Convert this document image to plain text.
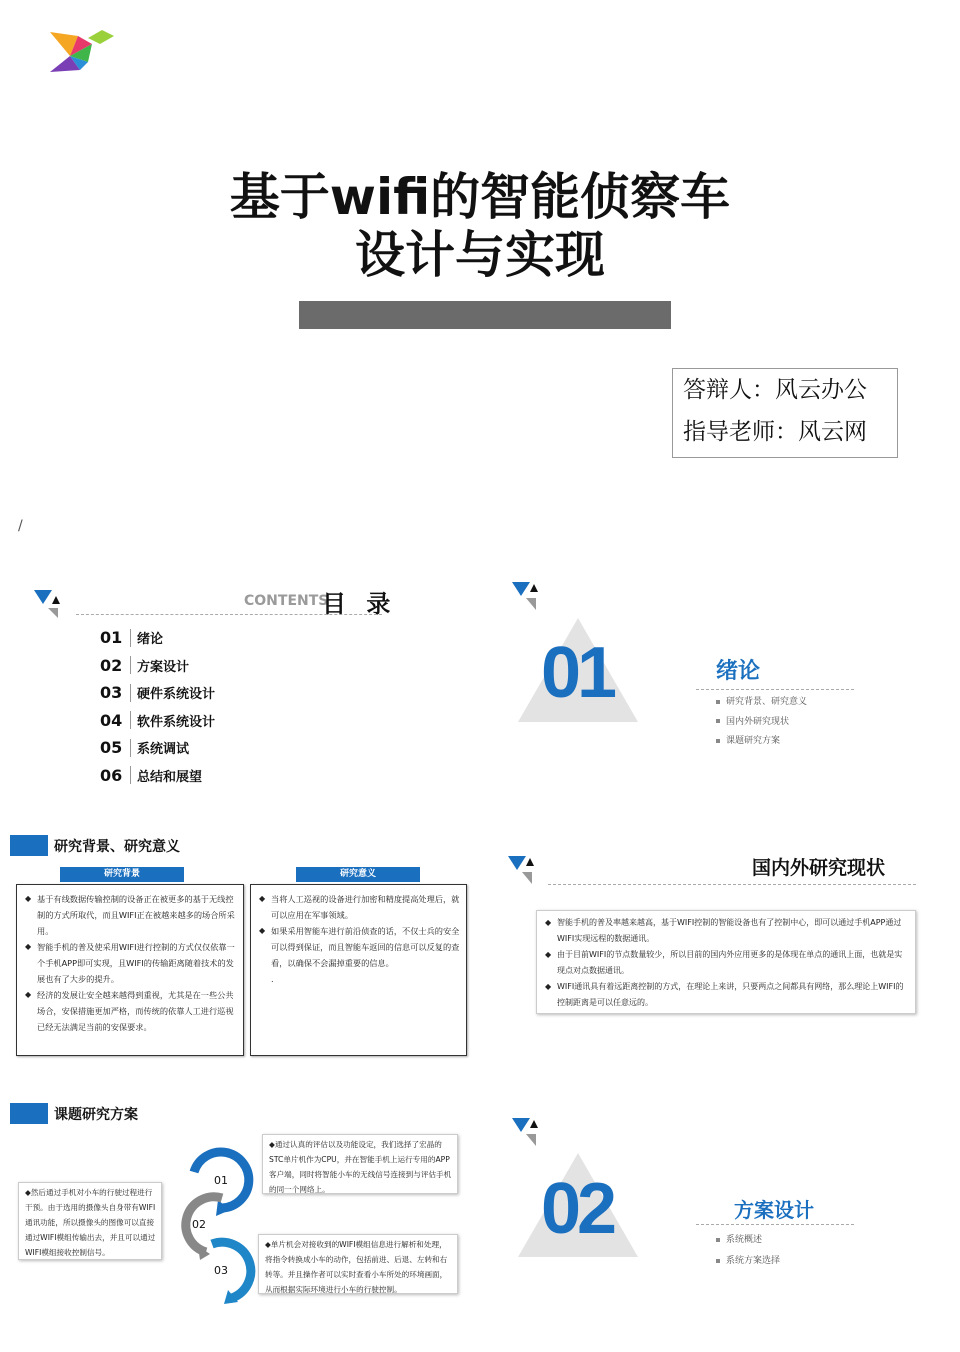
基于wifi的智能侦察车
设计与实现
答辩人：风云办公
指导老师：风云网
/
CONTENTS
目 录
01	绪论
02	方案设计
03	硬件系统设计
04	软件系统设计
05	系统调试
06	总结和展望
01	绪论
研究背景、研究意义
国内外研究现状
课题研究方案
研究背景、研究意义
研究背景	研究意义

◆ 基于有线数据传输控制的设备正在被更多的基于无线控制的方式所取代，而且WIFI正在被越来越多的场合所采用。

◆ 智能手机的普及使采用WIFI进行控制的方式仅仅依靠一个手机APP即可实现，且WIFI的传输距离随着技术的发展也有了大步的提升。

◆ 经济的发展让安全越来越得到重视，尤其是在一些公共场合，安保措施更加严格，而传统的依靠人工进行巡视已经无法满足当前的安保要求。

◆ 当将人工巡视的设备进行加密和精度提高处理后，就可以应用在军事领域。

◆ 如果采用智能车进行前沿侦查的话，不仅士兵的安全可以得到保证，而且智能车返回的信息可以反复的查看，以确保不会漏掉重要的信息。

.

国内外研究现状

◆ 智能手机的普及率越来越高，基于WIFI控制的智能设备也有了控制中心，即可以通过手机APP通过WIFI实现远程的数据通讯。

◆ 由于目前WIFI的节点数量较少，所以目前的国内外应用更多的是体现在单点的通讯上面，也就是实现点对点数据通讯。

◆ WIFI通讯具有着远距离控制的方式，在理论上来讲，只要两点之间都具有网络，那么理论上WIFI的控制距离是可以任意远的。

课题研究方案
◆通过认真的评估以及功能设定，我们选择了宏晶的STC单片机作为CPU，并在智能手机上运行专用的APP客户端，同时将智能小车的无线信号连接到与评估手机的同一个网络上。
◆然后通过手机对小车的行驶过程进行干预。由于选用的摄像头自身带有WIFI通讯功能，所以摄像头的图像可以直接通过WIFI模组传输出去，并且可以通过WIFI模组接收控制信号。
◆单片机会对接收到的WIFI模组信息进行解析和处理，将指令转换成小车的动作，包括前进、后退、左转和右转等。并且操作者可以实时查看小车所处的环境画面，从而根据实际环境进行小车的行驶控制。
01
02
03
02	方案设计
系统概述
系统方案选择
